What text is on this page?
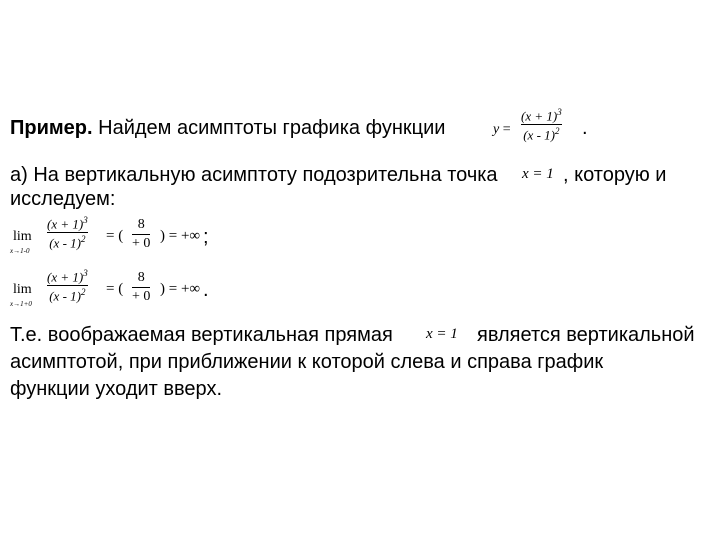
Пример. Найдем асимптоты графика функции	y =
$(x + 1)^3$
(x - 1)$^2$ .
а) На вертикальную асимптоту подозрительна точка x = 1 , которую и
исследуем:
lim
x→1-0
$(x + 1)^3$
(x - 1)$^2$ = (
8
+ 0 ) = +∞ ;
lim
x→1+0
$(x + 1)^3$
(x - 1)$^2$ = (
8
+ 0 ) = +∞ .
Т.е. воображаемая вертикальная прямая x = 1 является вертикальной
асимптотой, при приближении к которой слева и справа график
функции уходит вверх.
